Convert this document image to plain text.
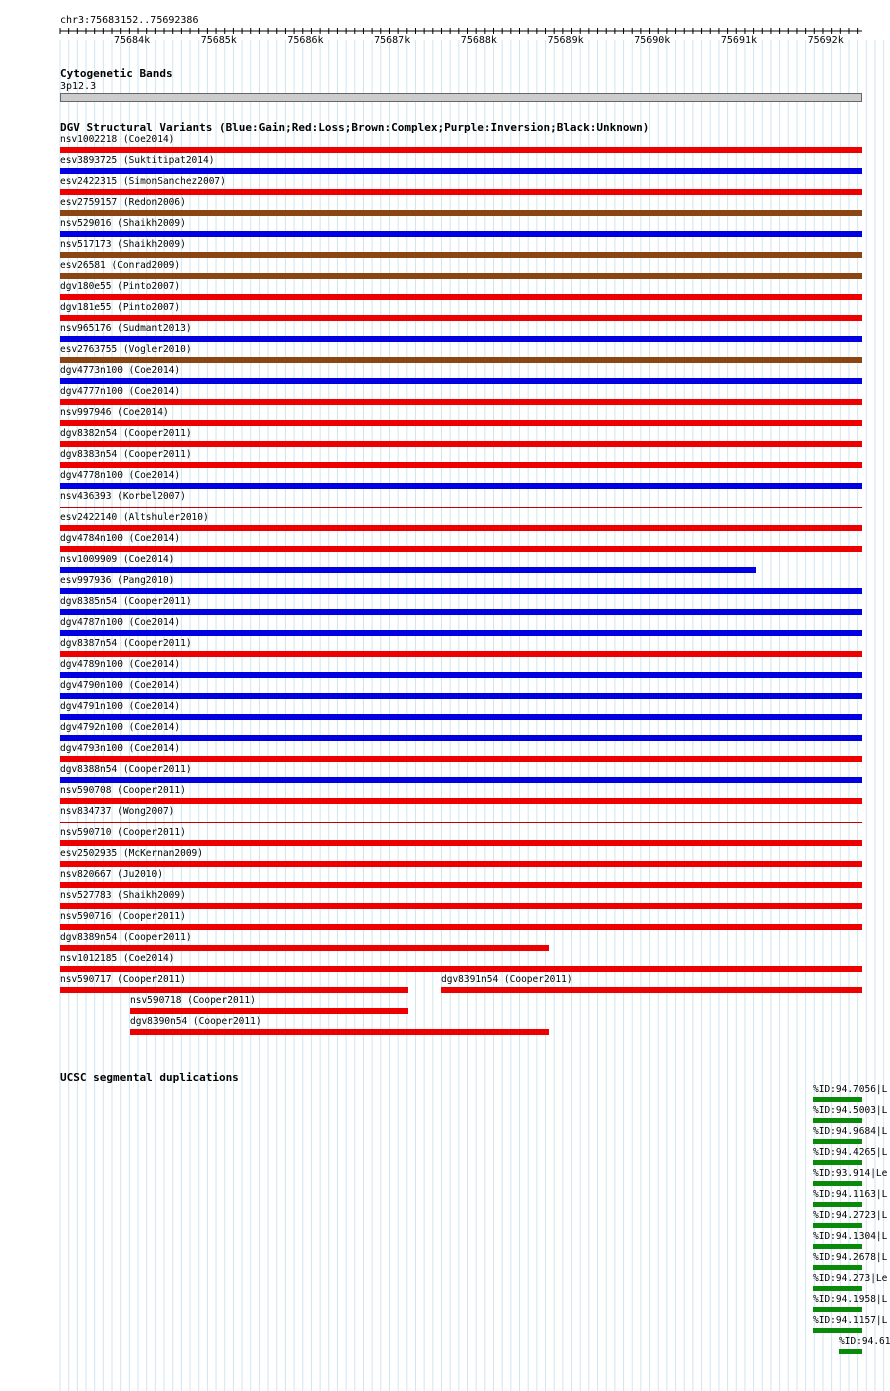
chr3:75683152..75692386
75684k	75685k	75686k	75687k	75688k	75689k	75690k	75691k	75692k
Cytogenetic Bands
3p12.3
DGV Structural Variants (Blue:Gain;Red:Loss;Brown:Complex;Purple:Inversion;Black:Unknown)
nsv1002218 (Coe2014)
esv3893725 (Suktitipat2014)
esv2422315 (SimonSanchez2007)
esv2759157 (Redon2006)
nsv529016 (Shaikh2009)
nsv517173 (Shaikh2009)
esv26581 (Conrad2009)
dgv180e55 (Pinto2007)
dgv181e55 (Pinto2007)
nsv965176 (Sudmant2013)
esv2763755 (Vogler2010)
dgv4773n100 (Coe2014)
dgv4777n100 (Coe2014)
nsv997946 (Coe2014)
dgv8382n54 (Cooper2011)
dgv8383n54 (Cooper2011)
dgv4778n100 (Coe2014)
nsv436393 (Korbel2007)
esv2422140 (Altshuler2010)
dgv4784n100 (Coe2014)
nsv1009909 (Coe2014)
esv997936 (Pang2010)
dgv8385n54 (Cooper2011)
dgv4787n100 (Coe2014)
dgv8387n54 (Cooper2011)
dgv4789n100 (Coe2014)
dgv4790n100 (Coe2014)
dgv4791n100 (Coe2014)
dgv4792n100 (Coe2014)
dgv4793n100 (Coe2014)
dgv8388n54 (Cooper2011)
nsv590708 (Cooper2011)
nsv834737 (Wong2007)
nsv590710 (Cooper2011)
esv2502935 (McKernan2009)
nsv820667 (Ju2010)
nsv527783 (Shaikh2009)
nsv590716 (Cooper2011)
dgv8389n54 (Cooper2011)
nsv1012185 (Coe2014)
nsv590717 (Cooper2011)	dgv8391n54 (Cooper2011)
nsv590718 (Cooper2011)
dgv8390n54 (Cooper2011)
UCSC segmental duplications
%ID:94.7056|L
%ID:94.5003|L
%ID:94.9684|L
%ID:94.4265|L
%ID:93.914|Le
%ID:94.1163|L
%ID:94.2723|L
%ID:94.1304|L
%ID:94.2678|L
%ID:94.273|Le
%ID:94.1958|L
%ID:94.1157|L
%ID:94.61
